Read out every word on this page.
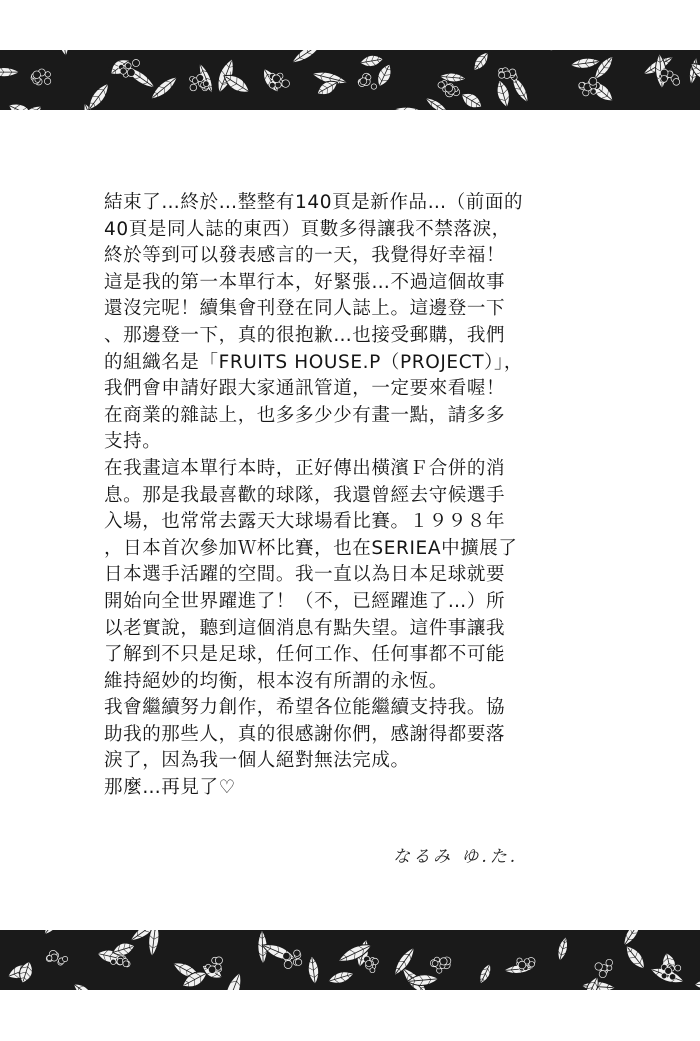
結束了…終於…整整有140頁是新作品…（前面的
40頁是同人誌的東西）頁數多得讓我不禁落淚，
終於等到可以發表感言的一天，我覺得好幸福！
這是我的第一本單行本，好緊張…不過這個故事
還沒完呢！續集會刊登在同人誌上。這邊登一下
、那邊登一下，真的很抱歉…也接受郵購，我們
的組織名是「FRUITS HOUSE.P（PROJECT）」，
我們會申請好跟大家通訊管道，一定要來看喔！
在商業的雜誌上，也多多少少有畫一點，請多多
支持。
在我畫這本單行本時，正好傳出橫濱Ｆ合併的消
息。那是我最喜歡的球隊，我還曾經去守候選手
入場，也常常去露天大球場看比賽。１９９８年
，日本首次參加Ｗ杯比賽，也在SERIEA中擴展了
日本選手活躍的空間。我一直以為日本足球就要
開始向全世界躍進了！（不，已經躍進了…）所
以老實說，聽到這個消息有點失望。這件事讓我
了解到不只是足球，任何工作、任何事都不可能
維持絕妙的均衡，根本沒有所謂的永恆。
我會繼續努力創作，希望各位能繼續支持我。協
助我的那些人，真的很感謝你們，感謝得都要落
淚了，因為我一個人絕對無法完成。
那麼…再見了♡
なるみ ゆ.た.
